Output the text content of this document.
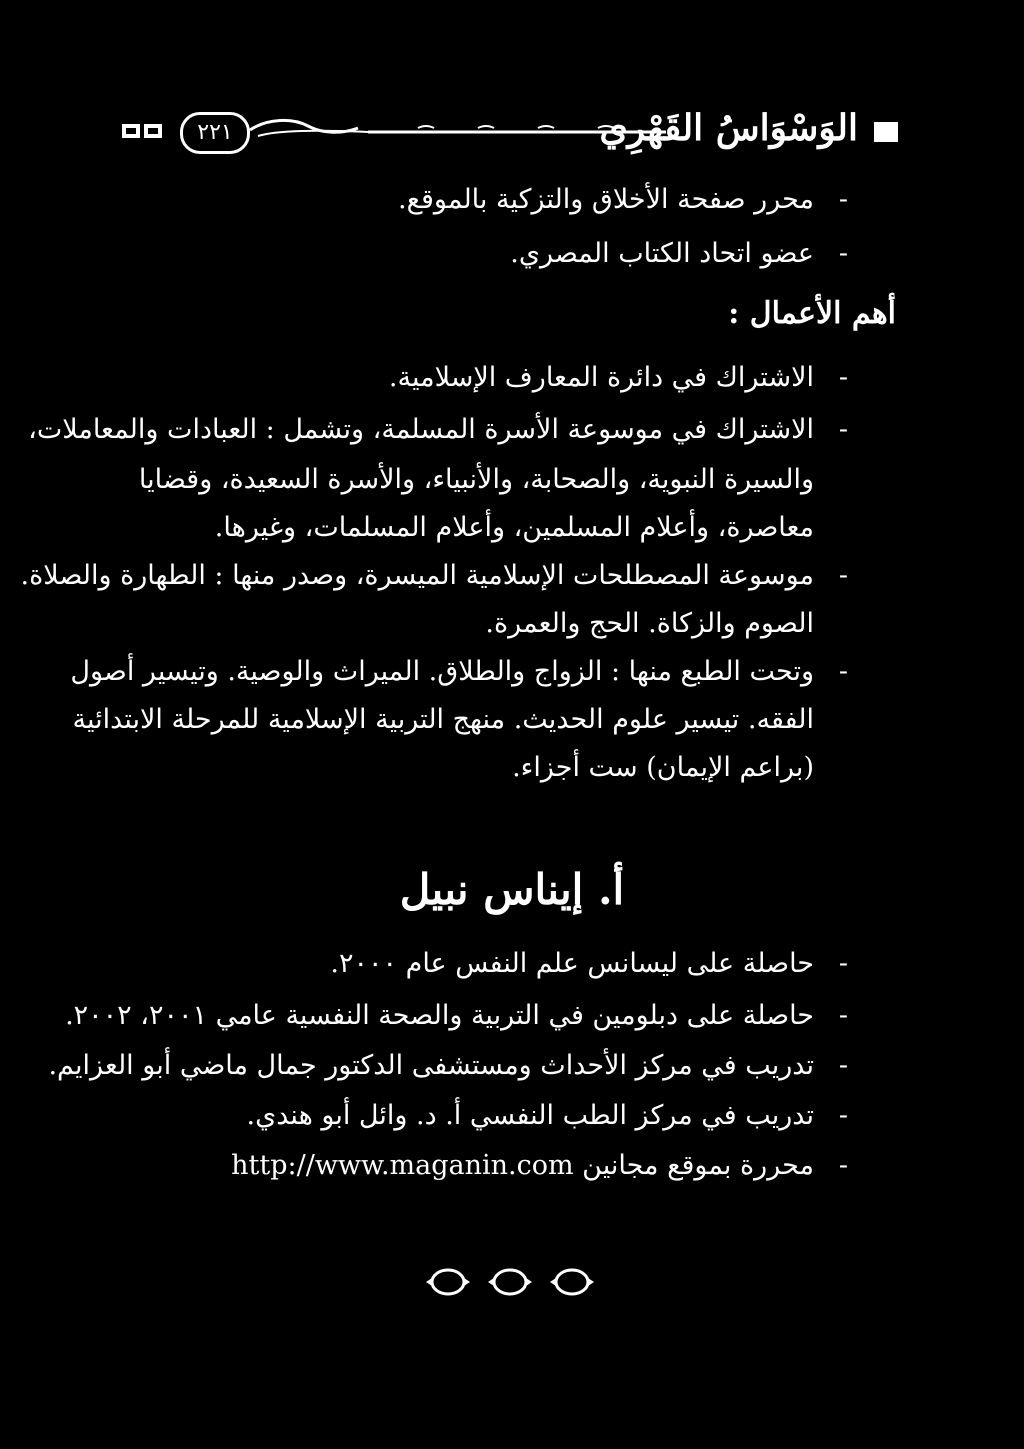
الوَسْوَاسُ القَهْرِي
٢٢١
-
محرر صفحة الأخلاق والتزكية بالموقع.
-
عضو اتحاد الكتاب المصري.
أهم الأعمال :
-
الاشتراك في دائرة المعارف الإسلامية.
-
الاشتراك في موسوعة الأسرة المسلمة، وتشمل : العبادات والمعاملات،
والسيرة النبوية، والصحابة، والأنبياء، والأسرة السعيدة، وقضايا
معاصرة، وأعلام المسلمين، وأعلام المسلمات، وغيرها.
-
موسوعة المصطلحات الإسلامية الميسرة، وصدر منها : الطهارة والصلاة.
الصوم والزكاة. الحج والعمرة.
-
وتحت الطبع منها : الزواج والطلاق. الميراث والوصية. وتيسير أصول
الفقه. تيسير علوم الحديث. منهج التربية الإسلامية للمرحلة الابتدائية
(براعم الإيمان) ست أجزاء.
أ. إيناس نبيل
-
حاصلة على ليسانس علم النفس عام ٢٠٠٠.
-
حاصلة على دبلومين في التربية والصحة النفسية عامي ٢٠٠١، ٢٠٠٢.
-
تدريب في مركز الأحداث ومستشفى الدكتور جمال ماضي أبو العزايم.
-
تدريب في مركز الطب النفسي أ. د. وائل أبو هندي.
-
محررة بموقع مجانين http://www.maganin.com
